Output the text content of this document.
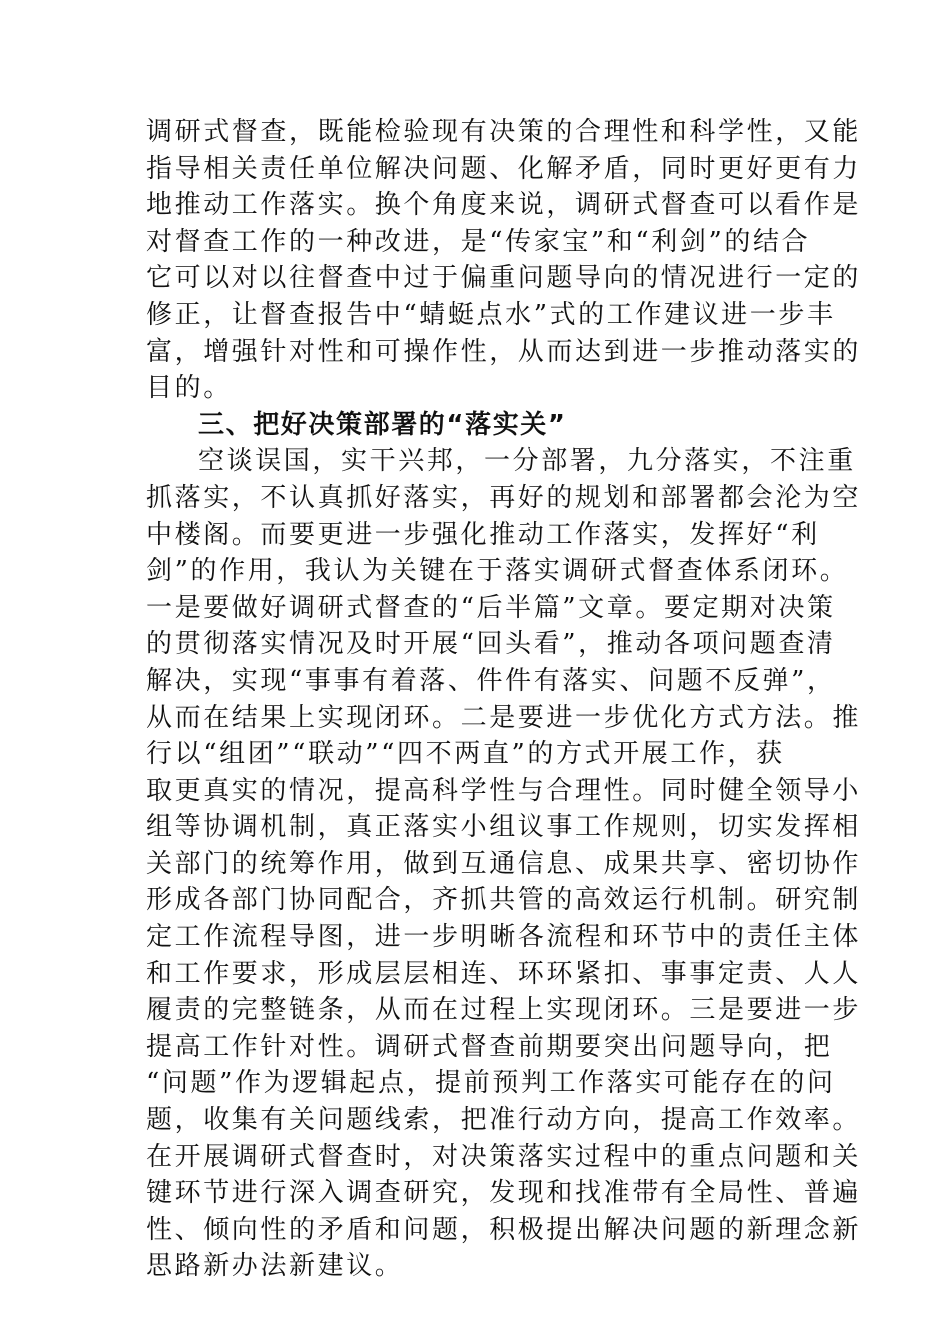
调研式督查，既能检验现有决策的合理性和科学性，又能
指导相关责任单位解决问题、化解矛盾，同时更好更有力
地推动工作落实。换个角度来说，调研式督查可以看作是
对督查工作的一种改进，是“传家宝”和“利剑”的结合
它可以对以往督查中过于偏重问题导向的情况进行一定的
修正，让督查报告中“蜻蜓点水”式的工作建议进一步丰
富，增强针对性和可操作性，从而达到进一步推动落实的
目的。
三、把好决策部署的“落实关”
空谈误国，实干兴邦，一分部署，九分落实，不注重
抓落实，不认真抓好落实，再好的规划和部署都会沦为空
中楼阁。而要更进一步强化推动工作落实，发挥好“利
剑”的作用，我认为关键在于落实调研式督查体系闭环。
一是要做好调研式督查的“后半篇”文章。要定期对决策
的贯彻落实情况及时开展“回头看”，推动各项问题查清
解决，实现“事事有着落、件件有落实、问题不反弹”，
从而在结果上实现闭环。二是要进一步优化方式方法。推
行以“组团”“联动”“四不两直”的方式开展工作，获
取更真实的情况，提高科学性与合理性。同时健全领导小
组等协调机制，真正落实小组议事工作规则，切实发挥相
关部门的统筹作用，做到互通信息、成果共享、密切协作
形成各部门协同配合，齐抓共管的高效运行机制。研究制
定工作流程导图，进一步明晰各流程和环节中的责任主体
和工作要求，形成层层相连、环环紧扣、事事定责、人人
履责的完整链条，从而在过程上实现闭环。三是要进一步
提高工作针对性。调研式督查前期要突出问题导向，把
“问题”作为逻辑起点，提前预判工作落实可能存在的问
题，收集有关问题线索，把准行动方向，提高工作效率。
在开展调研式督查时，对决策落实过程中的重点问题和关
键环节进行深入调查研究，发现和找准带有全局性、普遍
性、倾向性的矛盾和问题，积极提出解决问题的新理念新
思路新办法新建议。
